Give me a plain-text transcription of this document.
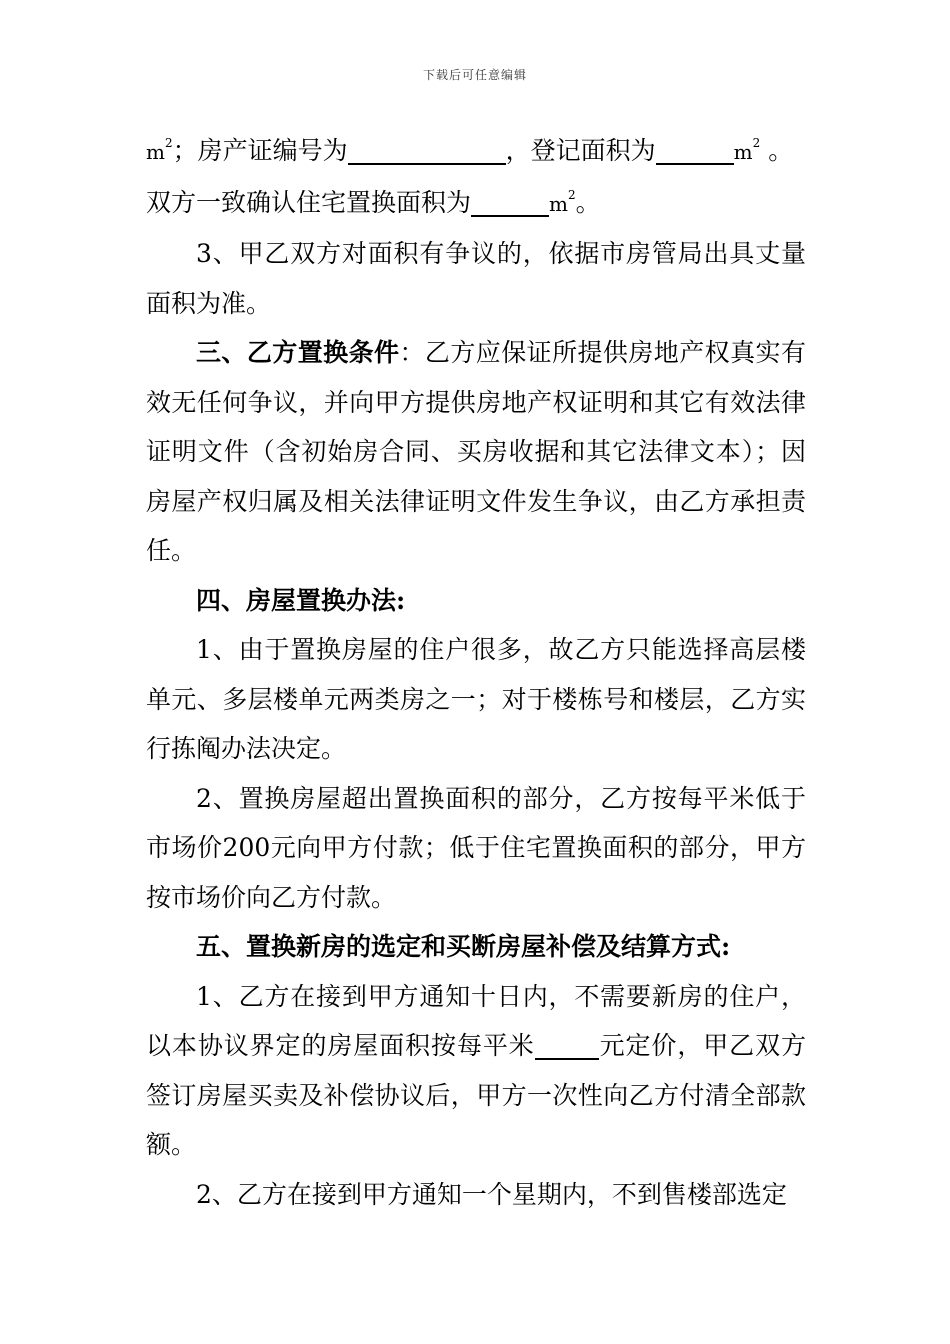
下载后可任意编辑

$m^2$；房产证编号为	，登记面积为	$m^2$ 。
双方一致确认住宅置换面积为	$m^2$。

3、甲乙双方对面积有争议的，依据市房管局出具丈量面积为准。

三、乙方置换条件：乙方应保证所提供房地产权真实有效无任何争议，并向甲方提供房地产权证明和其它有效法律证明文件（含初始房合同、买房收据和其它法律文本）；因房屋产权归属及相关法律证明文件发生争议，由乙方承担责任。

四、房屋置换办法:

1、由于置换房屋的住户很多，故乙方只能选择高层楼单元、多层楼单元两类房之一；对于楼栋号和楼层，乙方实行拣阄办法决定。

2、置换房屋超出置换面积的部分，乙方按每平米低于市场价200元向甲方付款；低于住宅置换面积的部分，甲方按市场价向乙方付款。

五、置换新房的选定和买断房屋补偿及结算方式:

1、乙方在接到甲方通知十日内，不需要新房的住户，以本协议界定的房屋面积按每平米	元定价，甲乙双方签订房屋买卖及补偿协议后，甲方一次性向乙方付清全部款额。

2、乙方在接到甲方通知一个星期内，不到售楼部选定
